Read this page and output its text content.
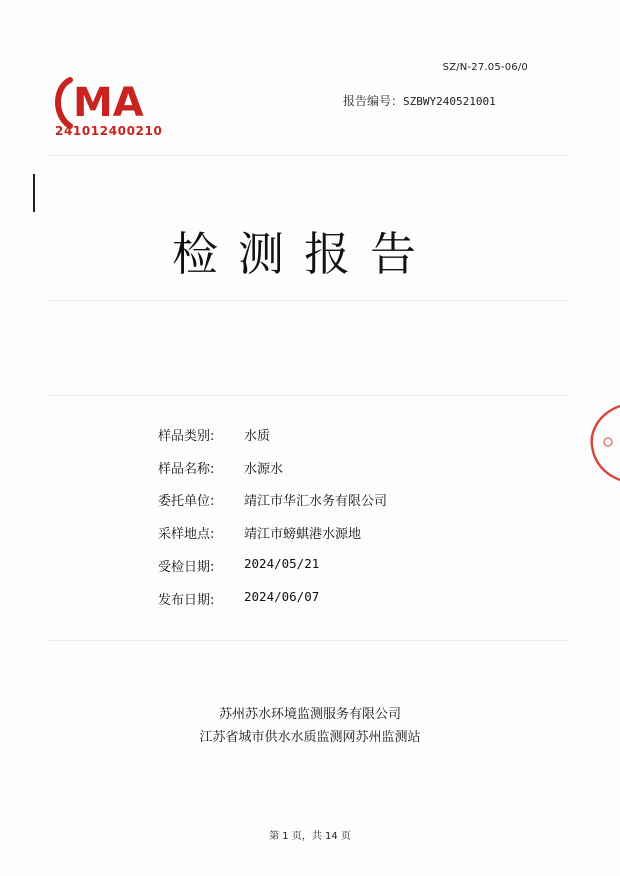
SZ/N-27.05-06/0
MA
241012400210
报告编号：SZBWY240521001
检测报告
样品类别:	水质
样品名称:	水源水
委托单位:	靖江市华汇水务有限公司
采样地点:	靖江市螃蜞港水源地
受检日期:	2024/05/21
发布日期:	2024/06/07
苏州苏水环境监测服务有限公司
江苏省城市供水水质监测网苏州监测站
第 1 页，共 14 页
